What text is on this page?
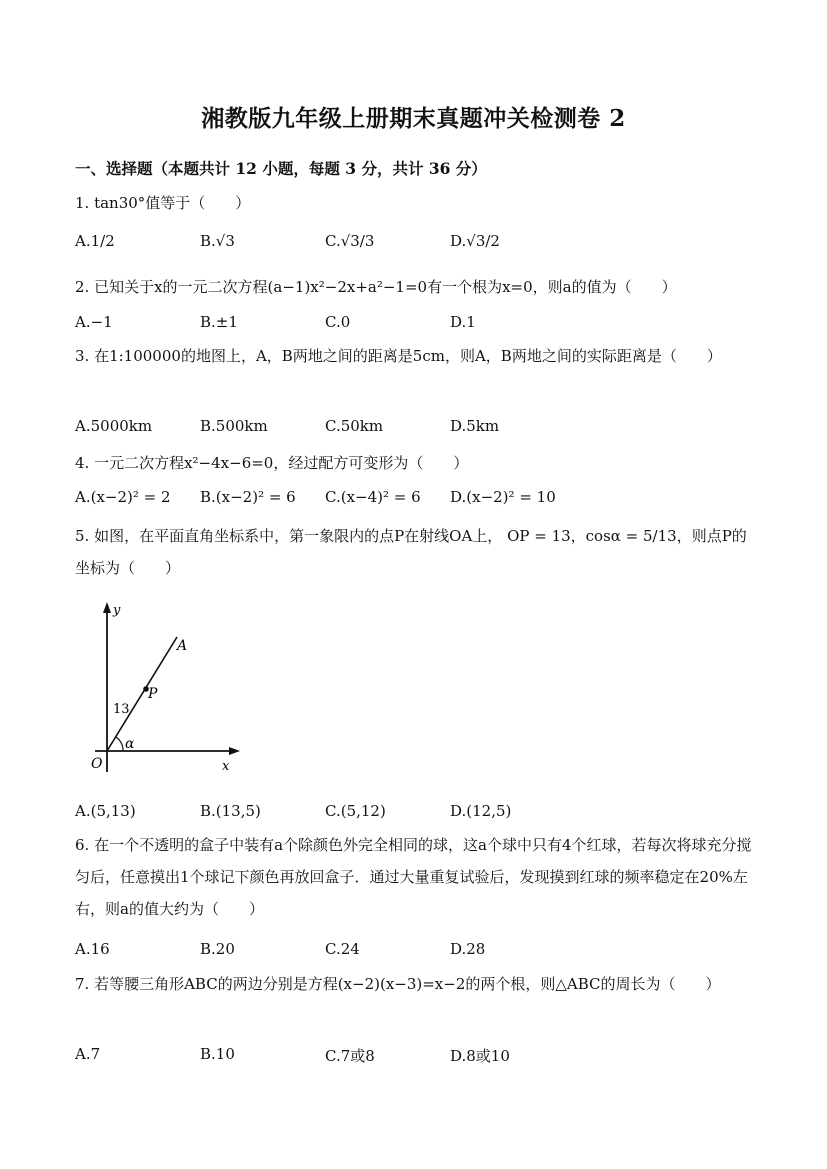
湘教版九年级上册期末真题冲关检测卷 2
一、选择题（本题共计 12 小题，每题 3 分，共计 36 分）
1. tan30°值等于（　　）
A.1/2	B.√3	C.√3/3	D.√3/2
2. 已知关于x的一元二次方程(a−1)x²−2x+a²−1=0有一个根为x=0，则a的值为（　　）
A.−1	B.±1	C.0	D.1
3. 在1:100000的地图上，A，B两地之间的距离是5cm，则A，B两地之间的实际距离是（　　）
A.5000km	B.500km	C.50km	D.5km
4. 一元二次方程x²−4x−6=0，经过配方可变形为（　　）
A.(x−2)² = 2 B.(x−2)² = 6 C.(x−4)² = 6 D.(x−2)² = 10
5. 如图，在平面直角坐标系中，第一象限内的点P在射线OA上， OP = 13，cosα = 5/13，则点P的坐标为（　　）
y
x
O
A
P
13
α
A.(5,13)	B.(13,5)	C.(5,12)	D.(12,5)
6. 在一个不透明的盒子中装有a个除颜色外完全相同的球，这a个球中只有4个红球，若每次将球充分搅匀后，任意摸出1个球记下颜色再放回盒子．通过大量重复试验后，发现摸到红球的频率稳定在20%左右，则a的值大约为（　　）
A.16	B.20	C.24	D.28
7. 若等腰三角形ABC的两边分别是方程(x−2)(x−3)=x−2的两个根，则△ABC的周长为（　　）
A.7	B.10	C.7或8	D.8或10
